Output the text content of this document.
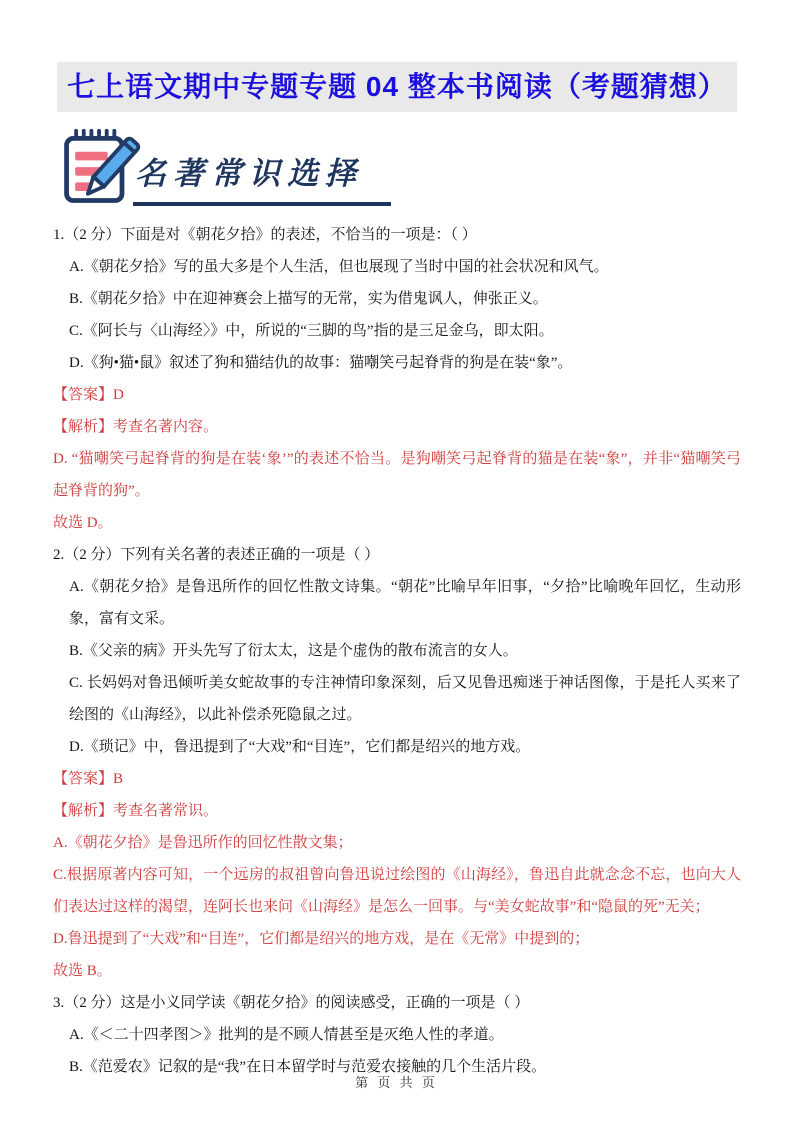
七上语文期中专题专题 04 整本书阅读（考题猜想）
名著常识选择

1.（2 分）下面是对《朝花夕拾》的表述，不恰当的一项是：（ ）

A.《朝花夕拾》写的虽大多是个人生活，但也展现了当时中国的社会状况和风气。

B.《朝花夕拾》中在迎神赛会上描写的无常，实为借鬼讽人，伸张正义。

C.《阿长与〈山海经〉》中，所说的“三脚的鸟”指的是三足金乌，即太阳。

D.《狗•猫•鼠》叙述了狗和猫结仇的故事：猫嘲笑弓起脊背的狗是在装“象”。

【答案】D

【解析】考查名著内容。

D. “猫嘲笑弓起脊背的狗是在装‘象’”的表述不恰当。是狗嘲笑弓起脊背的猫是在装“象”，并非“猫嘲笑弓起脊背的狗”。

故选 D。

2.（2 分）下列有关名著的表述正确的一项是（ ）

A.《朝花夕拾》是鲁迅所作的回忆性散文诗集。“朝花”比喻早年旧事，“夕拾”比喻晚年回忆，生动形象，富有文采。

B.《父亲的病》开头先写了衍太太，这是个虚伪的散布流言的女人。

C. 长妈妈对鲁迅倾听美女蛇故事的专注神情印象深刻，后又见鲁迅痴迷于神话图像，于是托人买来了绘图的《山海经》，以此补偿杀死隐鼠之过。

D.《琐记》中，鲁迅提到了“大戏”和“目连”，它们都是绍兴的地方戏。

【答案】B

【解析】考查名著常识。

A.《朝花夕拾》是鲁迅所作的回忆性散文集；

C.根据原著内容可知，一个远房的叔祖曾向鲁迅说过绘图的《山海经》，鲁迅自此就念念不忘，也向大人们表达过这样的渴望，连阿长也来问《山海经》是怎么一回事。与“美女蛇故事”和“隐鼠的死”无关；

D.鲁迅提到了“大戏”和“目连”，它们都是绍兴的地方戏，是在《无常》中提到的；

故选 B。

3.（2 分）这是小义同学读《朝花夕拾》的阅读感受，正确的一项是（ ）

A.《＜二十四孝图＞》批判的是不顾人情甚至是灭绝人性的孝道。

B.《范爱农》记叙的是“我”在日本留学时与范爱农接触的几个生活片段。

第 页 共 页
